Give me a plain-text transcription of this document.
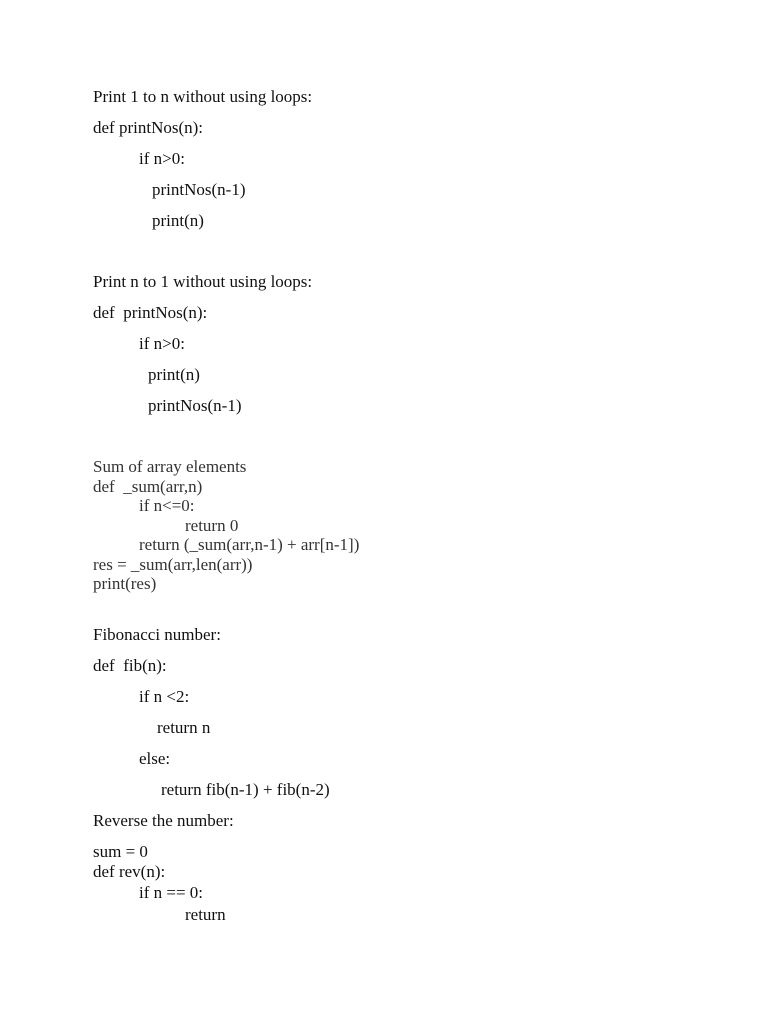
Print 1 to n without using loops:
def printNos(n):
if n>0:
printNos(n-1)
print(n)
Print n to 1 without using loops:
def  printNos(n):
if n>0:
print(n)
printNos(n-1)
Sum of array elements
def  _sum(arr,n)
if n<=0:
return 0
return (_sum(arr,n-1) + arr[n-1])
res = _sum(arr,len(arr))
print(res)
Fibonacci number:
def  fib(n):
if n <2:
return n
else:
return fib(n-1) + fib(n-2)
Reverse the number:
sum = 0
def rev(n):
if n == 0:
return
